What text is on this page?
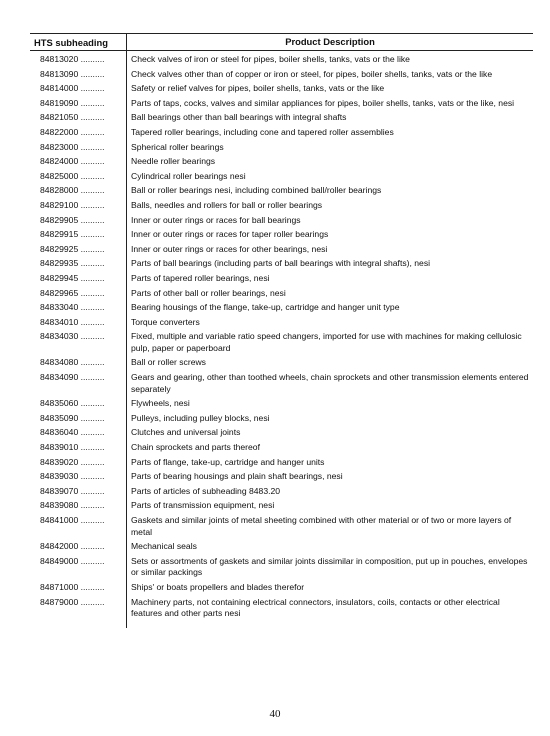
HTS subheading	Product Description
84813020 ..........	Check valves of iron or steel for pipes, boiler shells, tanks, vats or the like
84813090 ..........	Check valves other than of copper or iron or steel, for pipes, boiler shells, tanks, vats or the like
84814000 ..........	Safety or relief valves for pipes, boiler shells, tanks, vats or the like
84819090 ..........	Parts of taps, cocks, valves and similar appliances for pipes, boiler shells, tanks, vats or the like, nesi
84821050 ..........	Ball bearings other than ball bearings with integral shafts
84822000 ..........	Tapered roller bearings, including cone and tapered roller assemblies
84823000 ..........	Spherical roller bearings
84824000 ..........	Needle roller bearings
84825000 ..........	Cylindrical roller bearings nesi
84828000 ..........	Ball or roller bearings nesi, including combined ball/roller bearings
84829100 ..........	Balls, needles and rollers for ball or roller bearings
84829905 ..........	Inner or outer rings or races for ball bearings
84829915 ..........	Inner or outer rings or races for taper roller bearings
84829925 ..........	Inner or outer rings or races for other bearings, nesi
84829935 ..........	Parts of ball bearings (including parts of ball bearings with integral shafts), nesi
84829945 ..........	Parts of tapered roller bearings, nesi
84829965 ..........	Parts of other ball or roller bearings, nesi
84833040 ..........	Bearing housings of the flange, take-up, cartridge and hanger unit type
84834010 ..........	Torque converters
84834030 ..........	Fixed, multiple and variable ratio speed changers, imported for use with machines for making cellulosic pulp, paper or paperboard
84834080 ..........	Ball or roller screws
84834090 ..........	Gears and gearing, other than toothed wheels, chain sprockets and other transmission elements entered separately
84835060 ..........	Flywheels, nesi
84835090 ..........	Pulleys, including pulley blocks, nesi
84836040 ..........	Clutches and universal joints
84839010 ..........	Chain sprockets and parts thereof
84839020 ..........	Parts of flange, take-up, cartridge and hanger units
84839030 ..........	Parts of bearing housings and plain shaft bearings, nesi
84839070 ..........	Parts of articles of subheading 8483.20
84839080 ..........	Parts of transmission equipment, nesi
84841000 ..........	Gaskets and similar joints of metal sheeting combined with other material or of two or more layers of metal
84842000 ..........	Mechanical seals
84849000 ..........	Sets or assortments of gaskets and similar joints dissimilar in composition, put up in pouches, envelopes or similar packings
84871000 ..........	Ships' or boats propellers and blades therefor
84879000 ..........	Machinery parts, not containing electrical connectors, insulators, coils, contacts or other electrical features and other parts nesi
40
